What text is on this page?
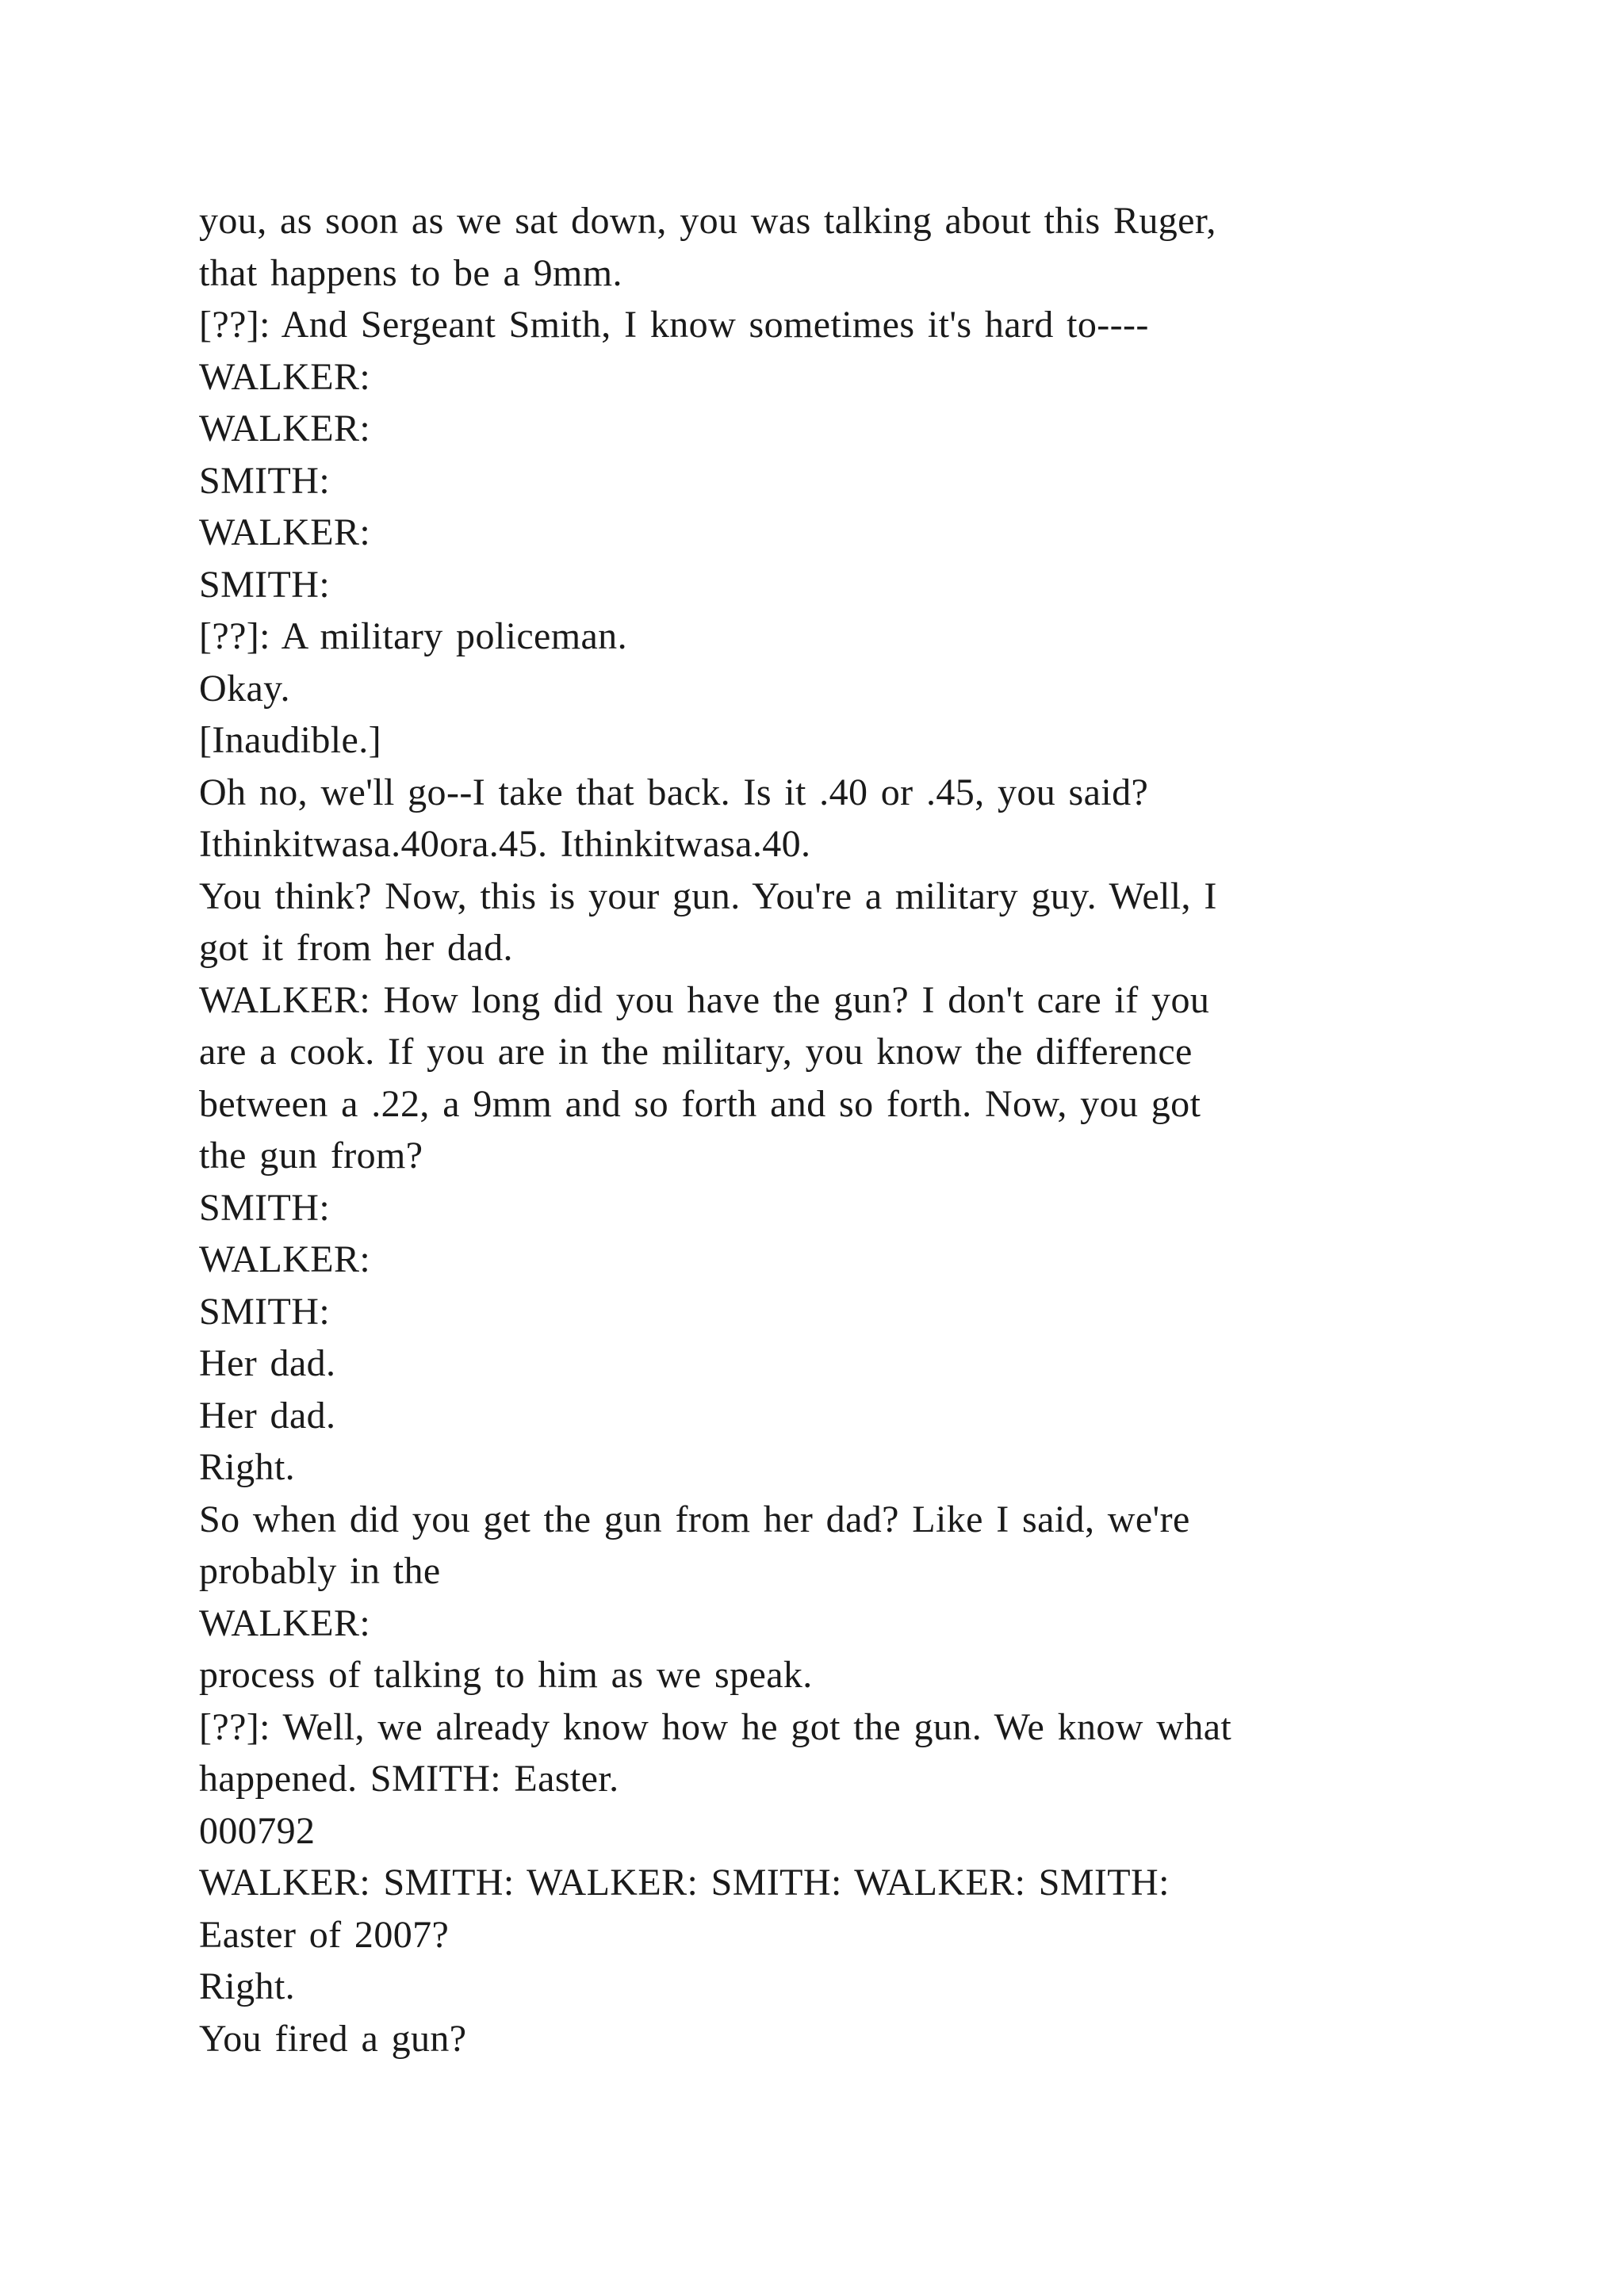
you, as soon as we sat down, you was talking about this Ruger,
that happens to be a 9mm.
[??]: And Sergeant Smith, I know sometimes it's hard to----
WALKER:
WALKER:
SMITH:
WALKER:
SMITH:
[??]: A military policeman.
Okay.
[Inaudible.]
Oh no, we'll go--I take that back. Is it .40 or .45, you said?
Ithinkitwasa.40ora.45. Ithinkitwasa.40.
You think? Now, this is your gun. You're a military guy. Well, I
got it from her dad.
WALKER: How long did you have the gun? I don't care if you
are a cook. If you are in the military, you know the difference
between a .22, a 9mm and so forth and so forth. Now, you got
the gun from?
SMITH:
WALKER:
SMITH:
Her dad.
Her dad.
Right.
So when did you get the gun from her dad? Like I said, we're
probably in the
WALKER:
process of talking to him as we speak.
[??]: Well, we already know how he got the gun. We know what
happened. SMITH: Easter.
000792
WALKER: SMITH: WALKER: SMITH: WALKER: SMITH:
Easter of 2007?
Right.
You fired a gun?
